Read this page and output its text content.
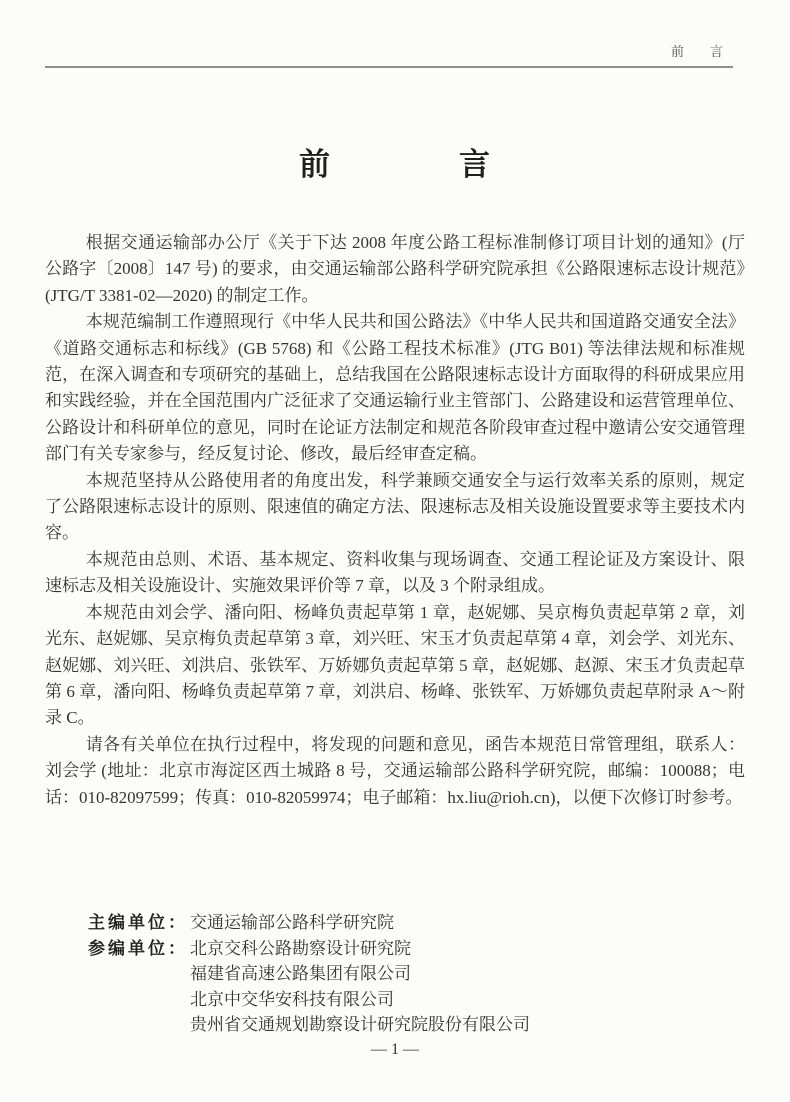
前　　言
前　　　　言

根据交通运输部办公厅《关于下达 2008 年度公路工程标准制修订项目计划的通知》(厅公路字〔2008〕147 号) 的要求，由交通运输部公路科学研究院承担《公路限速标志设计规范》(JTG/T 3381-02—2020) 的制定工作。

本规范编制工作遵照现行《中华人民共和国公路法》《中华人民共和国道路交通安全法》《道路交通标志和标线》(GB 5768) 和《公路工程技术标准》(JTG B01) 等法律法规和标准规范，在深入调查和专项研究的基础上，总结我国在公路限速标志设计方面取得的科研成果应用和实践经验，并在全国范围内广泛征求了交通运输行业主管部门、公路建设和运营管理单位、公路设计和科研单位的意见，同时在论证方法制定和规范各阶段审查过程中邀请公安交通管理部门有关专家参与，经反复讨论、修改，最后经审查定稿。

本规范坚持从公路使用者的角度出发，科学兼顾交通安全与运行效率关系的原则，规定了公路限速标志设计的原则、限速值的确定方法、限速标志及相关设施设置要求等主要技术内容。

本规范由总则、术语、基本规定、资料收集与现场调查、交通工程论证及方案设计、限速标志及相关设施设计、实施效果评价等 7 章，以及 3 个附录组成。

本规范由刘会学、潘向阳、杨峰负责起草第 1 章，赵妮娜、吴京梅负责起草第 2 章，刘光东、赵妮娜、吴京梅负责起草第 3 章，刘兴旺、宋玉才负责起草第 4 章，刘会学、刘光东、赵妮娜、刘兴旺、刘洪启、张铁军、万娇娜负责起草第 5 章，赵妮娜、赵源、宋玉才负责起草第 6 章，潘向阳、杨峰负责起草第 7 章，刘洪启、杨峰、张铁军、万娇娜负责起草附录 A～附录 C。

请各有关单位在执行过程中，将发现的问题和意见，函告本规范日常管理组，联系人：刘会学 (地址：北京市海淀区西土城路 8 号，交通运输部公路科学研究院，邮编：100088；电话：010-82097599；传真：010-82059974；电子邮箱：hx.liu@rioh.cn)，以便下次修订时参考。

主编单位： 交通运输部公路科学研究院
参编单位： 北京交科公路勘察设计研究院
福建省高速公路集团有限公司
北京中交华安科技有限公司
贵州省交通规划勘察设计研究院股份有限公司
— 1 —
